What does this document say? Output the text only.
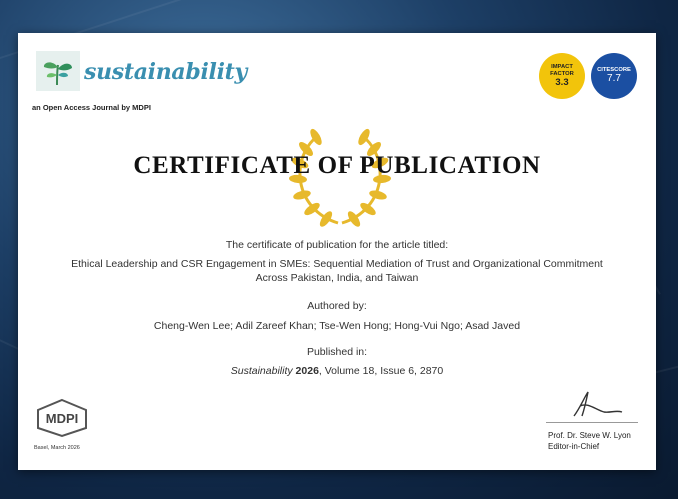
sustainability
an Open Access Journal by MDPI
IMPACT FACTOR
3.3
CITESCORE
7.7
CERTIFICATE OF PUBLICATION
The certificate of publication for the article titled:
Ethical Leadership and CSR Engagement in SMEs: Sequential Mediation of Trust and Organizational Commitment Across Pakistan, India, and Taiwan
Authored by:
Cheng-Wen Lee; Adil Zareef Khan; Tse-Wen Hong; Hong-Vui Ngo; Asad Javed
Published in:
Sustainability 2026, Volume 18, Issue 6, 2870
MDPI
Basel, March 2026
Prof. Dr. Steve W. Lyon
Editor-in-Chief
